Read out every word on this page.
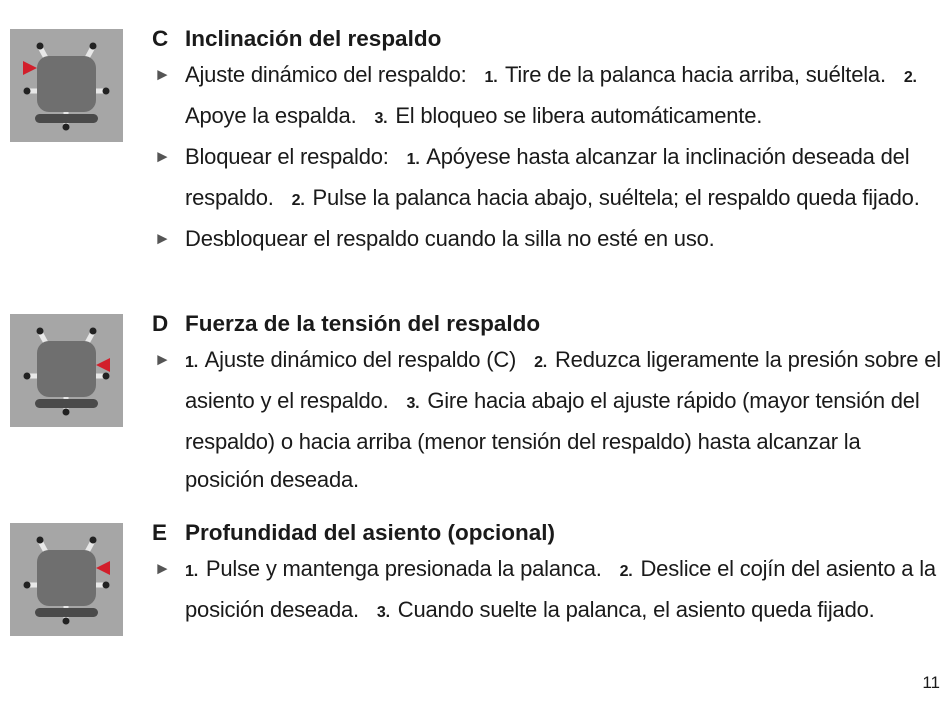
C Inclinación del respaldo
► Ajuste dinámico del respaldo: 1. Tire de la palanca hacia arriba, suéltela. 2. Apoye la espalda. 3. El bloqueo se libera automáticamente.
► Bloquear el respaldo: 1. Apóyese hasta alcanzar la inclinación deseada del respaldo. 2. Pulse la palanca hacia abajo, suéltela; el respaldo queda fijado.
► Desbloquear el respaldo cuando la silla no esté en uso.
D Fuerza de la tensión del respaldo
► 1. Ajuste dinámico del respaldo (C) 2. Reduzca ligeramente la presión sobre el asiento y el respaldo. 3. Gire hacia abajo el ajuste rápido (mayor tensión del respaldo) o hacia arriba (menor tensión del respaldo) hasta alcanzar la posición deseada.
E Profundidad del asiento (opcional)
► 1. Pulse y mantenga presionada la palanca. 2. Deslice el cojín del asiento a la posición deseada. 3. Cuando suelte la palanca, el asiento queda fijado.
11
